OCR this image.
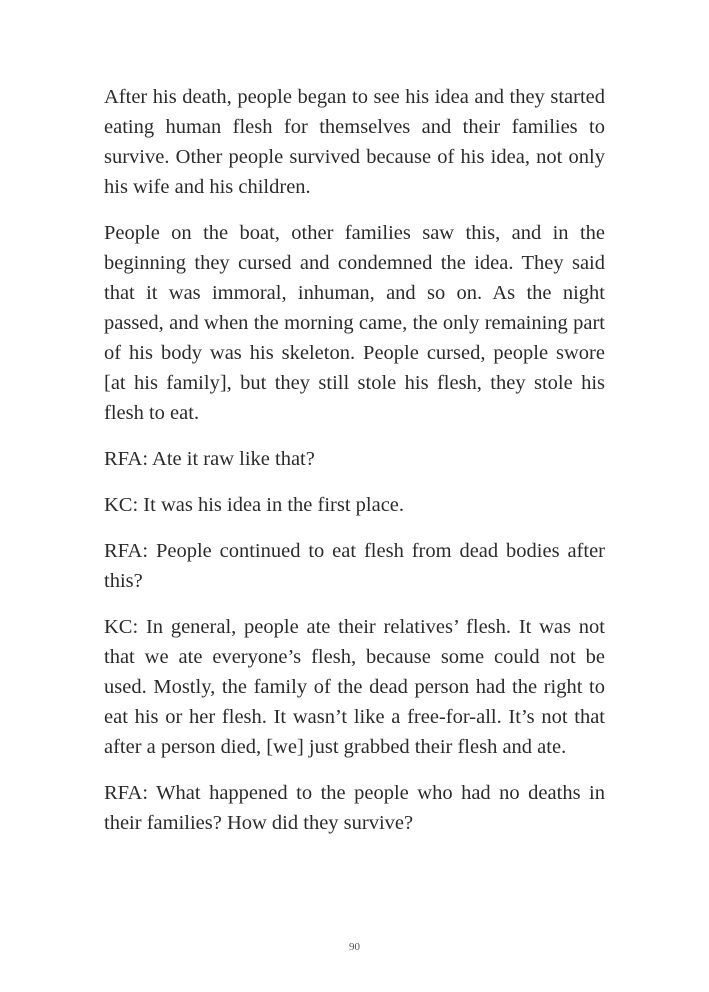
After his death, people began to see his idea and they started eating human flesh for themselves and their families to survive. Other people survived because of his idea, not only his wife and his children.

People on the boat, other families saw this, and in the beginning they cursed and condemned the idea. They said that it was immoral, inhuman, and so on. As the night passed, and when the morning came, the only remaining part of his body was his skeleton. People cursed, people swore [at his family], but they still stole his flesh, they stole his flesh to eat.

RFA: Ate it raw like that?

KC: It was his idea in the first place.

RFA: People continued to eat flesh from dead bodies after this?

KC: In general, people ate their relatives’ flesh. It was not that we ate everyone’s flesh, because some could not be used. Mostly, the family of the dead person had the right to eat his or her flesh. It wasn’t like a free-for-all. It’s not that after a person died, [we] just grabbed their flesh and ate.

RFA: What happened to the people who had no deaths in their families? How did they survive?

90
